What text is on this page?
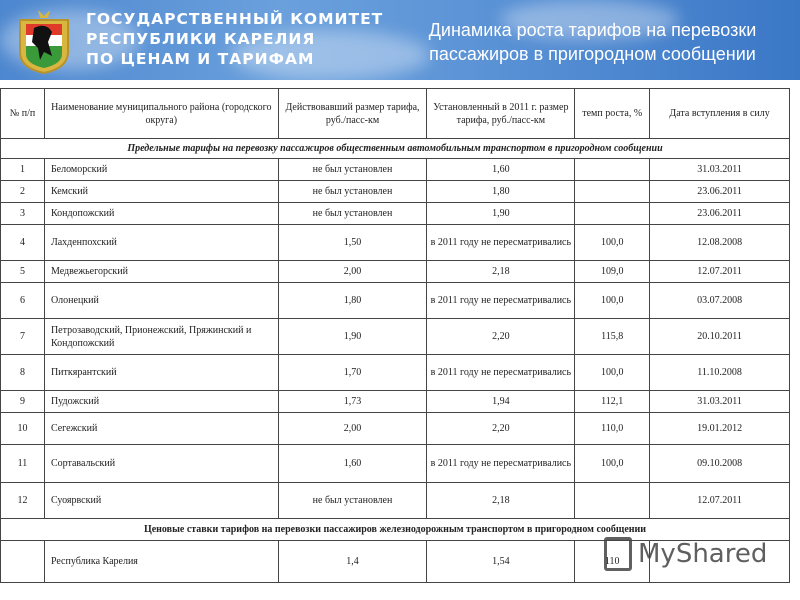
ГОСУДАРСТВЕННЫЙ КОМИТЕТ
РЕСПУБЛИКИ КАРЕЛИЯ
ПО ЦЕНАМ И ТАРИФАМ
Динамика роста тарифов на перевозки пассажиров в пригородном сообщении
№ п/п	Наименование муниципального района (городского округа)	Действовавший размер тарифа, руб./пасс-км	Установленный в 2011 г. размер тарифа, руб./пасс-км	темп роста, %	Дата вступления в силу
Предельные тарифы на перевозку пассажиров общественным автомобильным транспортом в пригородном сообщении					
1	Беломорский	не был установлен	1,60		31.03.2011
2	Кемский	не был установлен	1,80		23.06.2011
3	Кондопожский	не был установлен	1,90		23.06.2011
4	Лахденпохский	1,50	в 2011 году не пересматривались	100,0	12.08.2008
5	Медвежьегорский	2,00	2,18	109,0	12.07.2011
6	Олонецкий	1,80	в 2011 году не пересматривались	100,0	03.07.2008
7	Петрозаводский, Прионежский, Пряжинский и Кондопожский	1,90	2,20	115,8	20.10.2011
8	Питкярантский	1,70	в 2011 году не пересматривались	100,0	11.10.2008
9	Пудожский	1,73	1,94	112,1	31.03.2011
10	Сегежский	2,00	2,20	110,0	19.01.2012
11	Сортавальский	1,60	в 2011 году не пересматривались	100,0	09.10.2008
12	Суоярвский	не был установлен	2,18		12.07.2011
Ценовые ставки тарифов на перевозки пассажиров железнодорожным транспортом в пригородном сообщении					
	Республика Карелия	1,4	1,54	110	MyShared
